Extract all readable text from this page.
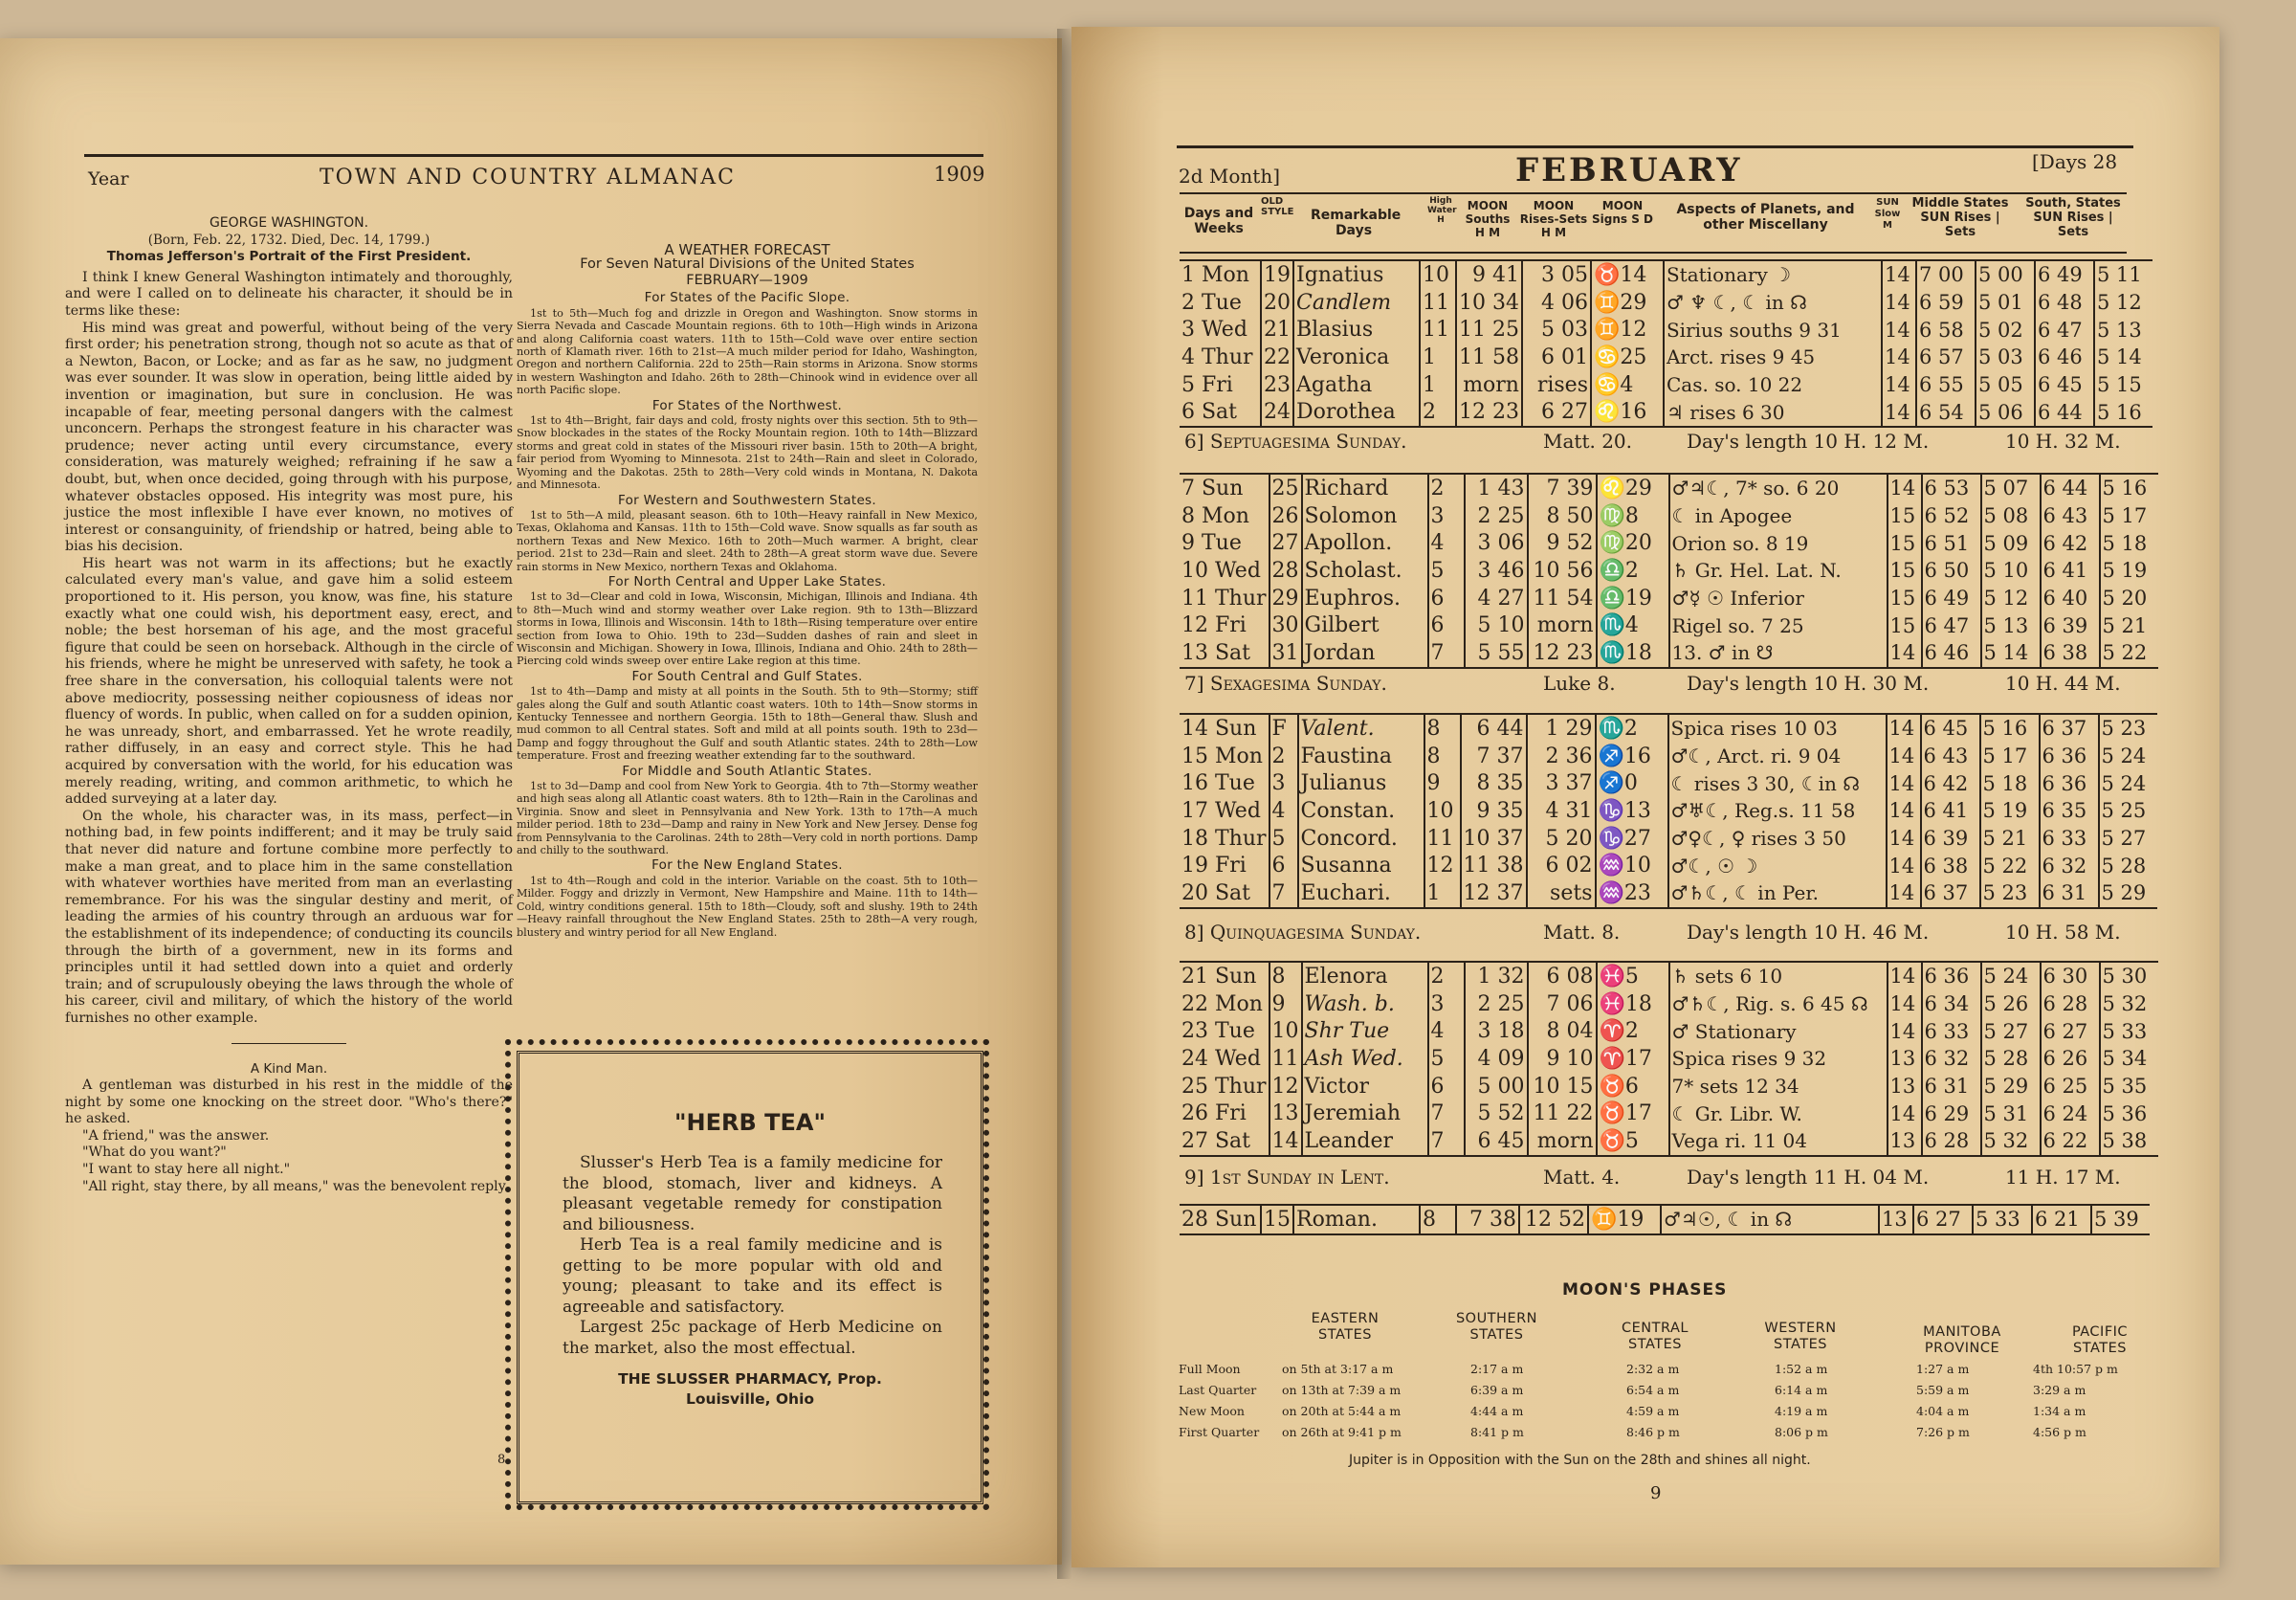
Year	TOWN AND COUNTRY ALMANAC	1909
GEORGE WASHINGTON.
(Born, Feb. 22, 1732. Died, Dec. 14, 1799.)
Thomas Jefferson's Portrait of the First President.

I think I knew General Washington intimately and thoroughly, and were I called on to delineate his character, it should be in terms like these:

His mind was great and powerful, without being of the very first order; his penetration strong, though not so acute as that of a Newton, Bacon, or Locke; and as far as he saw, no judgment was ever sounder. It was slow in operation, being little aided by invention or imagination, but sure in conclusion. He was incapable of fear, meeting personal dangers with the calmest unconcern. Perhaps the strongest feature in his character was prudence; never acting until every circumstance, every consideration, was maturely weighed; refraining if he saw a doubt, but, when once decided, going through with his purpose, whatever obstacles opposed. His integrity was most pure, his justice the most inflexible I have ever known, no motives of interest or consanguinity, of friendship or hatred, being able to bias his decision.

His heart was not warm in its affections; but he exactly calculated every man's value, and gave him a solid esteem proportioned to it. His person, you know, was fine, his stature exactly what one could wish, his deportment easy, erect, and noble; the best horseman of his age, and the most graceful figure that could be seen on horseback. Although in the circle of his friends, where he might be unreserved with safety, he took a free share in the conversation, his colloquial talents were not above mediocrity, possessing neither copiousness of ideas nor fluency of words. In public, when called on for a sudden opinion, he was unready, short, and embarrassed. Yet he wrote readily, rather diffusely, in an easy and correct style. This he had acquired by conversation with the world, for his education was merely reading, writing, and common arithmetic, to which he added surveying at a later day.

On the whole, his character was, in its mass, perfect—in nothing bad, in few points indifferent; and it may be truly said that never did nature and fortune combine more perfectly to make a man great, and to place him in the same constellation with whatever worthies have merited from man an everlasting remembrance. For his was the singular destiny and merit, of leading the armies of his country through an arduous war for the establishment of its independence; of conducting its councils through the birth of a government, new in its forms and principles until it had settled down into a quiet and orderly train; and of scrupulously obeying the laws through the whole of his career, civil and military, of which the history of the world furnishes no other example.

A Kind Man.

A gentleman was disturbed in his rest in the middle of the night by some one knocking on the street door. "Who's there?" he asked.

"A friend," was the answer.

"What do you want?"

"I want to stay here all night."

"All right, stay there, by all means," was the benevolent reply.

A WEATHER FORECAST
For Seven Natural Divisions of the United States
FEBRUARY—1909
For States of the Pacific Slope.

1st to 5th—Much fog and drizzle in Oregon and Washington. Snow storms in Sierra Nevada and Cascade Mountain regions. 6th to 10th—High winds in Arizona and along California coast waters. 11th to 15th—Cold wave over entire section north of Klamath river. 16th to 21st—A much milder period for Idaho, Washington, Oregon and northern California. 22d to 25th—Rain storms in Arizona. Snow storms in western Washington and Idaho. 26th to 28th—Chinook wind in evidence over all north Pacific slope.

For States of the Northwest.

1st to 4th—Bright, fair days and cold, frosty nights over this section. 5th to 9th—Snow blockades in the states of the Rocky Mountain region. 10th to 14th—Blizzard storms and great cold in states of the Missouri river basin. 15th to 20th—A bright, fair period from Wyoming to Minnesota. 21st to 24th—Rain and sleet in Colorado, Wyoming and the Dakotas. 25th to 28th—Very cold winds in Montana, N. Dakota and Minnesota.

For Western and Southwestern States.

1st to 5th—A mild, pleasant season. 6th to 10th—Heavy rainfall in New Mexico, Texas, Oklahoma and Kansas. 11th to 15th—Cold wave. Snow squalls as far south as northern Texas and New Mexico. 16th to 20th—Much warmer. A bright, clear period. 21st to 23d—Rain and sleet. 24th to 28th—A great storm wave due. Severe rain storms in New Mexico, northern Texas and Oklahoma.

For North Central and Upper Lake States.

1st to 3d—Clear and cold in Iowa, Wisconsin, Michigan, Illinois and Indiana. 4th to 8th—Much wind and stormy weather over Lake region. 9th to 13th—Blizzard storms in Iowa, Illinois and Wisconsin. 14th to 18th—Rising temperature over entire section from Iowa to Ohio. 19th to 23d—Sudden dashes of rain and sleet in Wisconsin and Michigan. Showery in Iowa, Illinois, Indiana and Ohio. 24th to 28th—Piercing cold winds sweep over entire Lake region at this time.

For South Central and Gulf States.

1st to 4th—Damp and misty at all points in the South. 5th to 9th—Stormy; stiff gales along the Gulf and south Atlantic coast waters. 10th to 14th—Snow storms in Kentucky Tennessee and northern Georgia. 15th to 18th—General thaw. Slush and mud common to all Central states. Soft and mild at all points south. 19th to 23d—Damp and foggy throughout the Gulf and south Atlantic states. 24th to 28th—Low temperature. Frost and freezing weather extending far to the southward.

For Middle and South Atlantic States.

1st to 3d—Damp and cool from New York to Georgia. 4th to 7th—Stormy weather and high seas along all Atlantic coast waters. 8th to 12th—Rain in the Carolinas and Virginia. Snow and sleet in Pennsylvania and New York. 13th to 17th—A much milder period. 18th to 23d—Damp and rainy in New York and New Jersey. Dense fog from Pennsylvania to the Carolinas. 24th to 28th—Very cold in north portions. Damp and chilly to the southward.

For the New England States.

1st to 4th—Rough and cold in the interior. Variable on the coast. 5th to 10th—Milder. Foggy and drizzly in Vermont, New Hampshire and Maine. 11th to 14th—Cold, wintry conditions general. 15th to 18th—Cloudy, soft and slushy. 19th to 24th—Heavy rainfall throughout the New England States. 25th to 28th—A very rough, blustery and wintry period for all New England.

"HERB TEA"

Slusser's Herb Tea is a family medicine for the blood, stomach, liver and kidneys. A pleasant vegetable remedy for constipation and biliousness.

Herb Tea is a real family medicine and is getting to be more popular with old and young; pleasant to take and its effect is agreeable and satisfactory.

Largest 25c package of Herb Medicine on the market, also the most effectual.

THE SLUSSER PHARMACY, Prop.
Louisville, Ohio
8
2d Month]	FEBRUARY	[Days 28
Days and Weeks
OLD STYLE Remarkable Days
High Water H
MOON Souths H M
MOON Rises-Sets H M
MOON Signs S D
Aspects of Planets, and other Miscellany
SUN Slow M
Middle States SUN Rises | Sets
South, States SUN Rises | Sets
1 Mon	19	Ignatius	10	9 41	3 05	♉14	Stationary ☽	14	7 00	5 00	6 49	5 11
2 Tue	20	Candlem	11	10 34	4 06	♊29	♂ ♆ ☾, ☾ in ☊	14	6 59	5 01	6 48	5 12
3 Wed	21	Blasius	11	11 25	5 03	♊12	Sirius souths 9 31	14	6 58	5 02	6 47	5 13
4 Thur	22	Veronica	1	11 58	6 01	♋25	Arct. rises 9 45	14	6 57	5 03	6 46	5 14
5 Fri	23	Agatha	1	morn	rises	♋4	Cas. so. 10 22	14	6 55	5 05	6 45	5 15
6 Sat	24	Dorothea	2	12 23	6 27	♌16	♃ rises 6 30	14	6 54	5 06	6 44	5 16
6] Septuagesima Sunday.	Matt. 20.	Day's length 10 H. 12 M.	10 H. 32 M.
7 Sun	25	Richard	2	1 43	7 39	♌29	♂♃☾, 7* so. 6 20	14	6 53	5 07	6 44	5 16
8 Mon	26	Solomon	3	2 25	8 50	♍8	☾ in Apogee	15	6 52	5 08	6 43	5 17
9 Tue	27	Apollon.	4	3 06	9 52	♍20	Orion so. 8 19	15	6 51	5 09	6 42	5 18
10 Wed	28	Scholast.	5	3 46	10 56	♎2	♄ Gr. Hel. Lat. N.	15	6 50	5 10	6 41	5 19
11 Thur	29	Euphros.	6	4 27	11 54	♎19	♂☿ ☉ Inferior	15	6 49	5 12	6 40	5 20
12 Fri	30	Gilbert	6	5 10	morn	♏4	Rigel so. 7 25	15	6 47	5 13	6 39	5 21
13 Sat	31	Jordan	7	5 55	12 23	♏18	13. ♂ in ☋	14	6 46	5 14	6 38	5 22
7] Sexagesima Sunday.	Luke 8.	Day's length 10 H. 30 M.	10 H. 44 M.
14 Sun	F	Valent.	8	6 44	1 29	♏2	Spica rises 10 03	14	6 45	5 16	6 37	5 23
15 Mon	2	Faustina	8	7 37	2 36	♐16	♂☾, Arct. ri. 9 04	14	6 43	5 17	6 36	5 24
16 Tue	3	Julianus	9	8 35	3 37	♐0	☾ rises 3 30, ☾in ☊	14	6 42	5 18	6 36	5 24
17 Wed	4	Constan.	10	9 35	4 31	♑13	♂♅☾, Reg.s. 11 58	14	6 41	5 19	6 35	5 25
18 Thur	5	Concord.	11	10 37	5 20	♑27	♂♀☾, ♀ rises 3 50	14	6 39	5 21	6 33	5 27
19 Fri	6	Susanna	12	11 38	6 02	♒10	♂☾, ☉ ☽	14	6 38	5 22	6 32	5 28
20 Sat	7	Euchari.	1	12 37	sets	♒23	♂♄☾, ☾ in Per.	14	6 37	5 23	6 31	5 29
8] Quinquagesima Sunday.	Matt. 8.	Day's length 10 H. 46 M.	10 H. 58 M.
21 Sun	8	Elenora	2	1 32	6 08	♓5	♄ sets 6 10	14	6 36	5 24	6 30	5 30
22 Mon	9	Wash. b.	3	2 25	7 06	♓18	♂♄☾, Rig. s. 6 45 ☊	14	6 34	5 26	6 28	5 32
23 Tue	10	Shr Tue	4	3 18	8 04	♈2	♂ Stationary	14	6 33	5 27	6 27	5 33
24 Wed	11	Ash Wed.	5	4 09	9 10	♈17	Spica rises 9 32	13	6 32	5 28	6 26	5 34
25 Thur	12	Victor	6	5 00	10 15	♉6	7* sets 12 34	13	6 31	5 29	6 25	5 35
26 Fri	13	Jeremiah	7	5 52	11 22	♉17	☾ Gr. Libr. W.	14	6 29	5 31	6 24	5 36
27 Sat	14	Leander	7	6 45	morn	♉5	Vega ri. 11 04	13	6 28	5 32	6 22	5 38
9] 1st Sunday in Lent.	Matt. 4.	Day's length 11 H. 04 M.	11 H. 17 M.
28 Sun	15	Roman.	8	7 38	12 52	♊19	♂♃☉, ☾ in ☊	13	6 27	5 33	6 21	5 39
MOON'S PHASES
EASTERN STATES
SOUTHERN STATES	CENTRAL STATES
WESTERN STATES
MANITOBA PROVINCE
PACIFIC STATES
Full Moon	on 5th at 3:17 a m	2:17 a m	2:32 a m	1:52 a m	1:27 a m	4th 10:57 p m
Last Quarter on 13th at 7:39 a m	6:39 a m	6:54 a m	6:14 a m	5:59 a m	3:29 a m
New Moon	on 20th at 5:44 a m	4:44 a m	4:59 a m	4:19 a m	4:04 a m	1:34 a m
First Quarter on 26th at 9:41 p m	8:41 p m	8:46 p m	8:06 p m	7:26 p m	4:56 p m
Jupiter is in Opposition with the Sun on the 28th and shines all night.
9
